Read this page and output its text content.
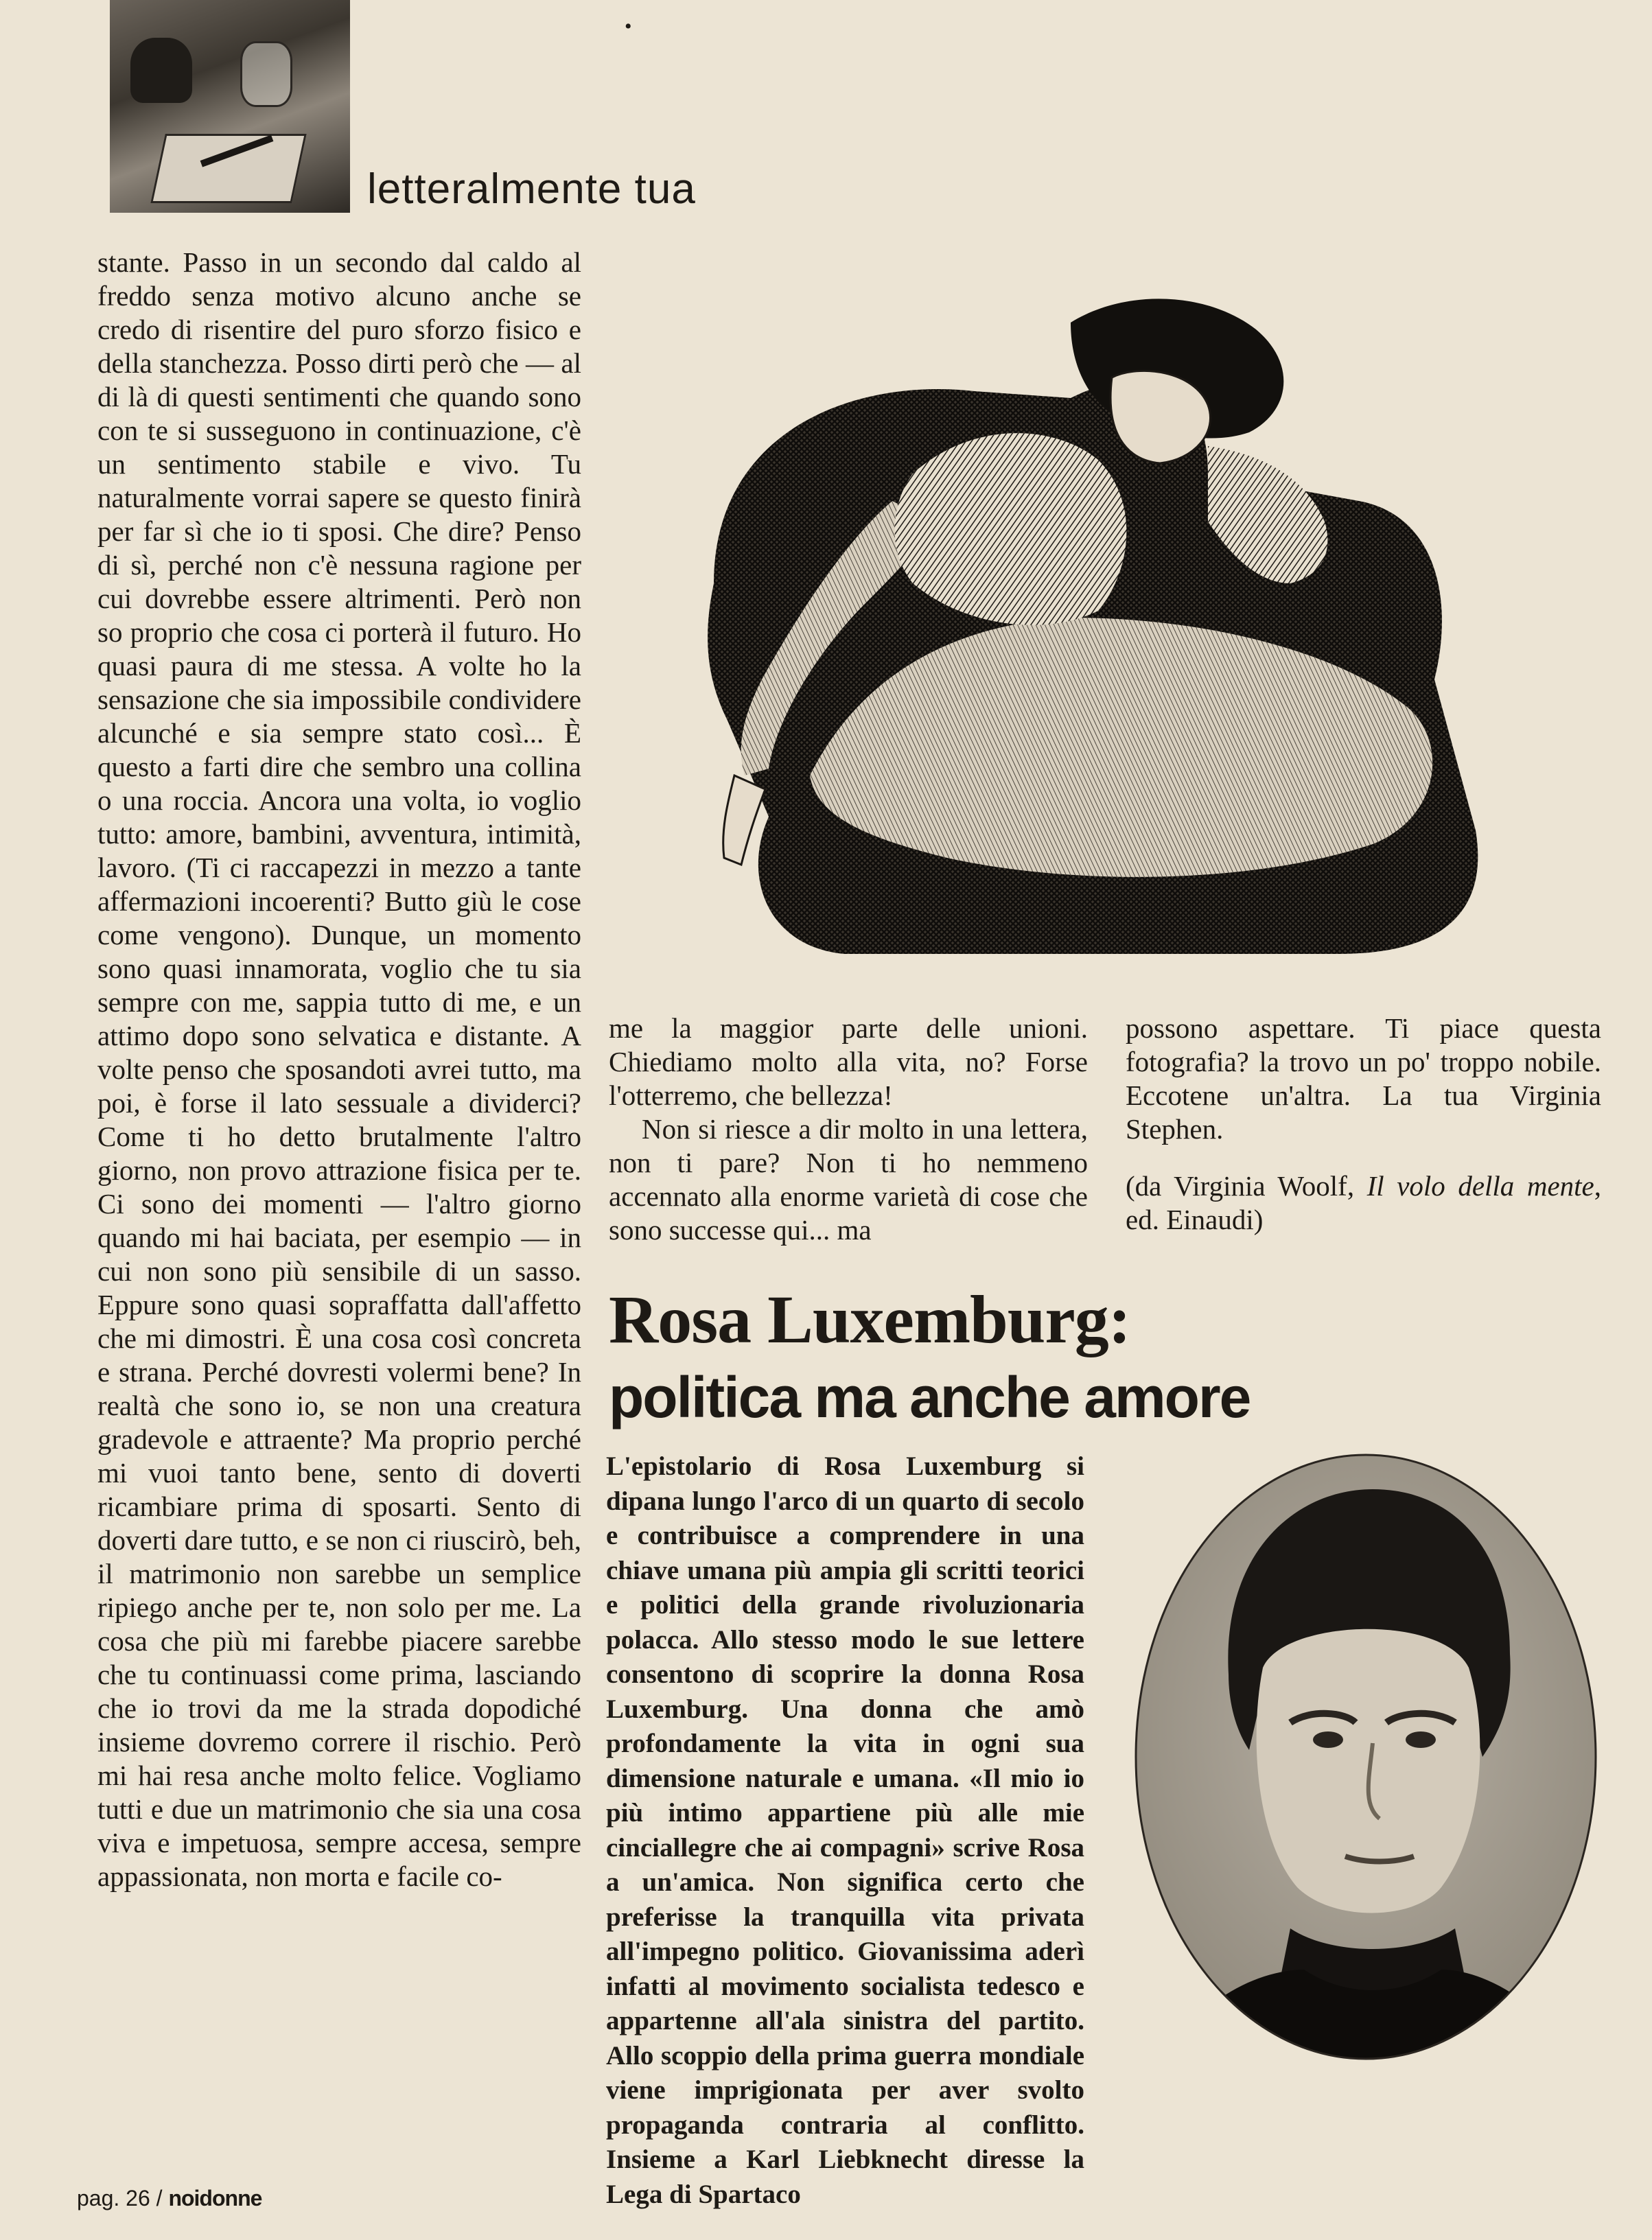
•
letteralmente tua

stante. Passo in un secondo dal caldo al freddo senza motivo alcuno anche se credo di risentire del puro sforzo fisico e della stanchezza. Posso dirti però che — al di là di questi sentimenti che quando sono con te si susseguono in continuazione, c'è un sentimento stabile e vivo. Tu naturalmente vorrai sapere se questo finirà per far sì che io ti sposi. Che dire? Penso di sì, perché non c'è nessuna ragione per cui dovrebbe essere altrimenti. Però non so proprio che cosa ci porterà il futuro. Ho quasi paura di me stessa. A volte ho la sensazione che sia impossibile condividere alcunché e sia sempre stato così... È questo a farti dire che sembro una collina o una roccia. Ancora una volta, io voglio tutto: amore, bambini, avventura, intimità, lavoro. (Ti ci raccapezzi in mezzo a tante affermazioni incoerenti? Butto giù le cose come vengono). Dunque, un momento sono quasi innamorata, voglio che tu sia sempre con me, sappia tutto di me, e un attimo dopo sono selvatica e distante. A volte penso che sposandoti avrei tutto, ma poi, è forse il lato sessuale a dividerci? Come ti ho detto brutalmente l'altro giorno, non provo attrazione fisica per te. Ci sono dei momenti — l'altro giorno quando mi hai baciata, per esempio — in cui non sono più sensibile di un sasso. Eppure sono quasi sopraffatta dall'affetto che mi dimostri. È una cosa così concreta e strana. Perché dovresti volermi bene? In realtà che sono io, se non una creatura gradevole e attraente? Ma proprio perché mi vuoi tanto bene, sento di doverti ricambiare prima di sposarti. Sento di doverti dare tutto, e se non ci riuscirò, beh, il matrimonio non sarebbe un semplice ripiego anche per te, non solo per me. La cosa che più mi farebbe piacere sarebbe che tu continuassi come prima, lasciando che io trovi da me la strada dopodiché insieme dovremo correre il rischio. Però mi hai resa anche molto felice. Vogliamo tutti e due un matrimonio che sia una cosa viva e impetuosa, sempre accesa, sempre appassionata, non morta e facile co-

me la maggior parte delle unioni. Chiediamo molto alla vita, no? Forse l'otterremo, che bellezza!

Non si riesce a dir molto in una lettera, non ti pare? Non ti ho nemmeno accennato alla enorme varietà di cose che sono successe qui... ma

possono aspettare. Ti piace questa fotografia? la trovo un po' troppo nobile. Eccotene un'altra. La tua Virginia Stephen.

(da Virginia Woolf, Il volo della mente, ed. Einaudi)

Rosa Luxemburg:
politica ma anche amore

L'epistolario di Rosa Luxemburg si dipana lungo l'arco di un quarto di secolo e contribuisce a comprendere in una chiave umana più ampia gli scritti teorici e politici della grande rivoluzionaria polacca. Allo stesso modo le sue lettere consentono di scoprire la donna Rosa Luxemburg. Una donna che amò profondamente la vita in ogni sua dimensione naturale e umana. «Il mio io più intimo appartiene più alle mie cinciallegre che ai compagni» scrive Rosa a un'amica. Non significa certo che preferisse la tranquilla vita privata all'impegno politico. Giovanissima aderì infatti al movimento socialista tedesco e appartenne all'ala sinistra del partito. Allo scoppio della prima guerra mondiale viene imprigionata per aver svolto propaganda contraria al conflitto. Insieme a Karl Liebknecht diresse la Lega di Spartaco

pag. 26 / noidonne
